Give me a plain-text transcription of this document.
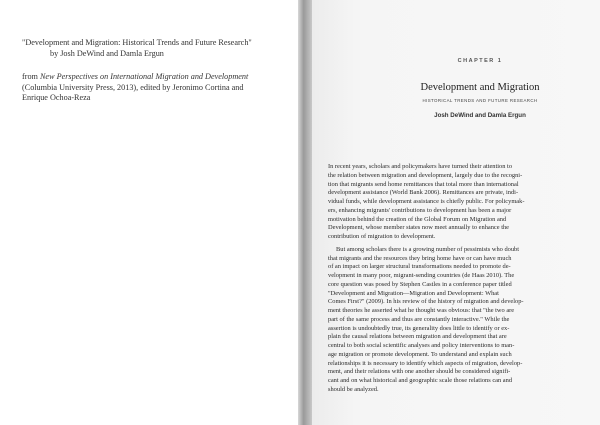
"Development and Migration: Historical Trends and Future Research"
by Josh DeWind and Damla Ergun
from New Perspectives on International Migration and Development
(Columbia University Press, 2013), edited by Jeronimo Cortina and
Enrique Ochoa-Reza
CHAPTER 1
Development and Migration
HISTORICAL TRENDS AND FUTURE RESEARCH
Josh DeWind and Damla Ergun

In recent years, scholars and policymakers have turned their attention to
the relation between migration and development, largely due to the recogni-
tion that migrants send home remittances that total more than international
development assistance (World Bank 2006). Remittances are private, indi-
vidual funds, while development assistance is chiefly public. For policymak-
ers, enhancing migrants' contributions to development has been a major
motivation behind the creation of the Global Forum on Migration and
Development, whose member states now meet annually to enhance the
contribution of migration to development.

But among scholars there is a growing number of pessimists who doubt
that migrants and the resources they bring home have or can have much
of an impact on larger structural transformations needed to promote de-
velopment in many poor, migrant-sending countries (de Haas 2010). The
core question was posed by Stephen Castles in a conference paper titled
"Development and Migration—Migration and Development: What
Comes First?" (2009). In his review of the history of migration and develop-
ment theories he asserted what he thought was obvious: that "the two are
part of the same process and thus are constantly interactive." While the
assertion is undoubtedly true, its generality does little to identify or ex-
plain the causal relations between migration and development that are
central to both social scientific analyses and policy interventions to man-
age migration or promote development. To understand and explain such
relationships it is necessary to identify which aspects of migration, develop-
ment, and their relations with one another should be considered signifi-
cant and on what historical and geographic scale those relations can and
should be analyzed.
